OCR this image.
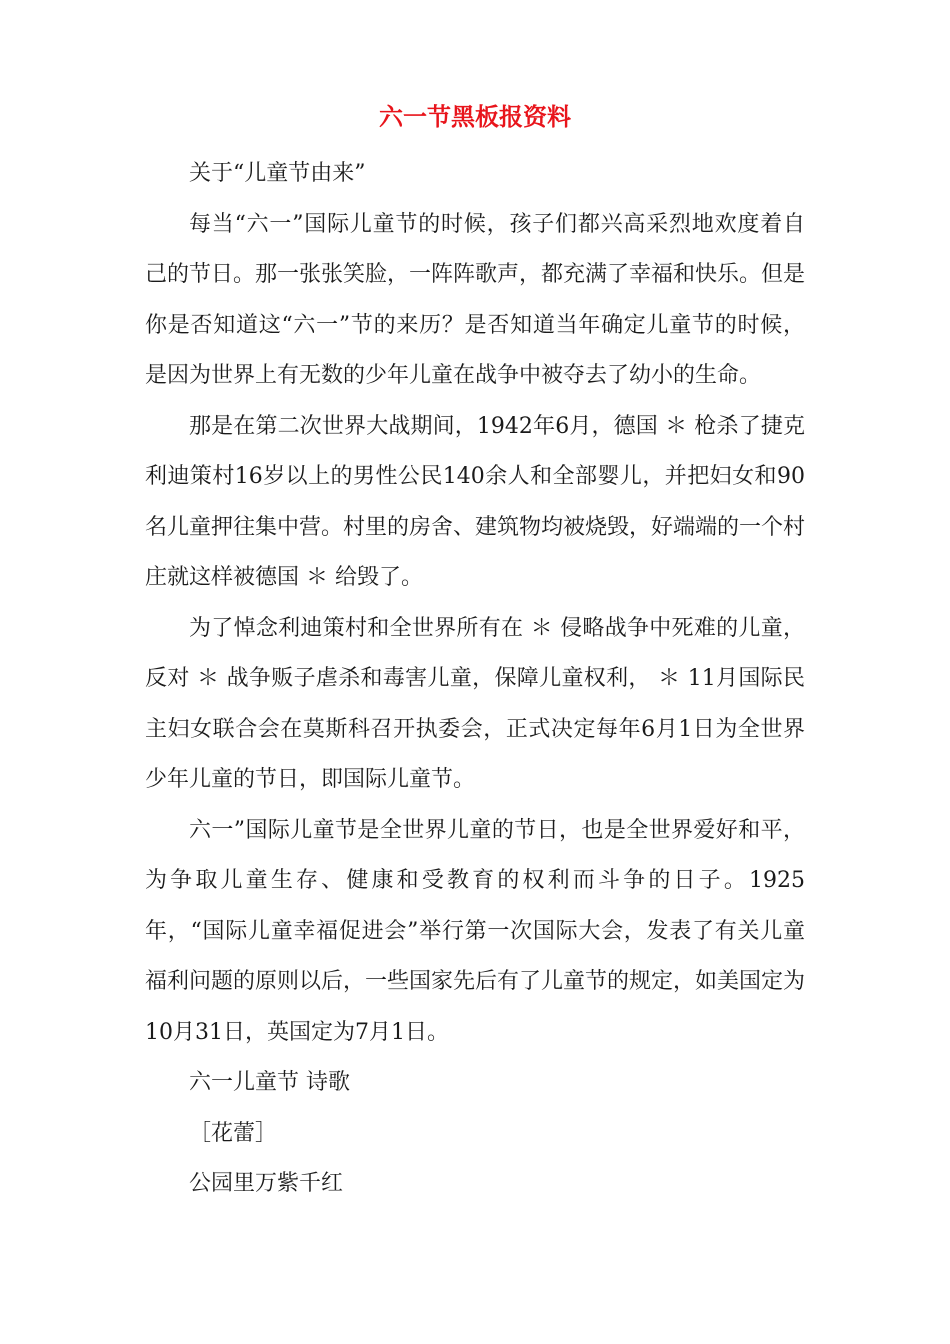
六一节黑板报资料

关于“儿童节由来”

每当“六一”国际儿童节的时候，孩子们都兴高采烈地欢度着自己的节日。那一张张笑脸，一阵阵歌声，都充满了幸福和快乐。但是你是否知道这“六一”节的来历？是否知道当年确定儿童节的时候，是因为世界上有无数的少年儿童在战争中被夺去了幼小的生命。

那是在第二次世界大战期间，1942年6月，德国 ＊ 枪杀了捷克利迪策村16岁以上的男性公民140余人和全部婴儿，并把妇女和90名儿童押往集中营。村里的房舍、建筑物均被烧毁，好端端的一个村庄就这样被德国 ＊ 给毁了。

为了悼念利迪策村和全世界所有在 ＊ 侵略战争中死难的儿童，反对 ＊ 战争贩子虐杀和毒害儿童，保障儿童权利， ＊ 11月国际民主妇女联合会在莫斯科召开执委会，正式决定每年6月1日为全世界少年儿童的节日，即国际儿童节。

六一”国际儿童节是全世界儿童的节日，也是全世界爱好和平，为争取儿童生存、健康和受教育的权利而斗争的日子。1925年，“国际儿童幸福促进会”举行第一次国际大会，发表了有关儿童福利问题的原则以后，一些国家先后有了儿童节的规定，如美国定为10月31日，英国定为7月1日。

六一儿童节 诗歌

［花蕾］

公园里万紫千红
